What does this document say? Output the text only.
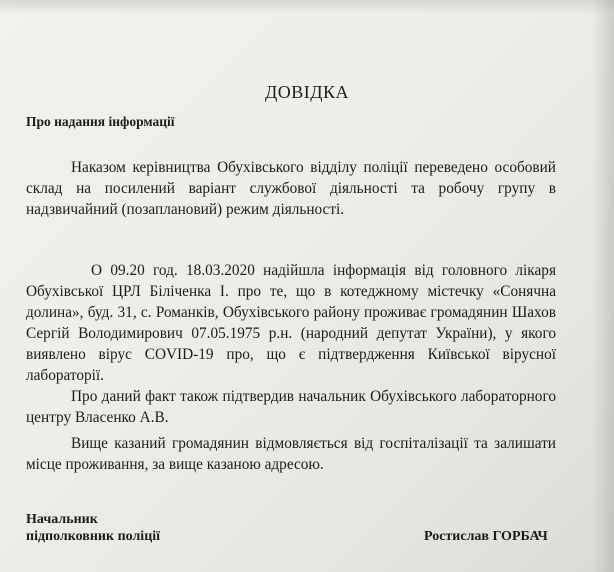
ДОВІДКА
Про надання інформації

Наказом керівництва Обухівського відділу поліції переведено особовий склад на посилений варіант службової діяльності та робочу групу в надзвичайний (позаплановий) режим діяльності.

О 09.20 год. 18.03.2020 надійшла інформація від головного лікаря Обухівської ЦРЛ Біліченка І. про те, що в котеджному містечку «Сонячна долина», буд. 31, с. Романків, Обухівського району проживає громадянин Шахов Сергій Володимирович 07.05.1975 р.н. (народний депутат України), у якого виявлено вірус COVID-19 про, що є підтвердження Київської вірусної лабораторії.

Про даний факт також підтвердив начальник Обухівського лабораторного центру Власенко А.В.

Вище казаний громадянин відмовляється від госпіталізації та залишати місце проживання, за вище казаною адресою.

Начальник
підполковник поліції	Ростислав ГОРБАЧ
